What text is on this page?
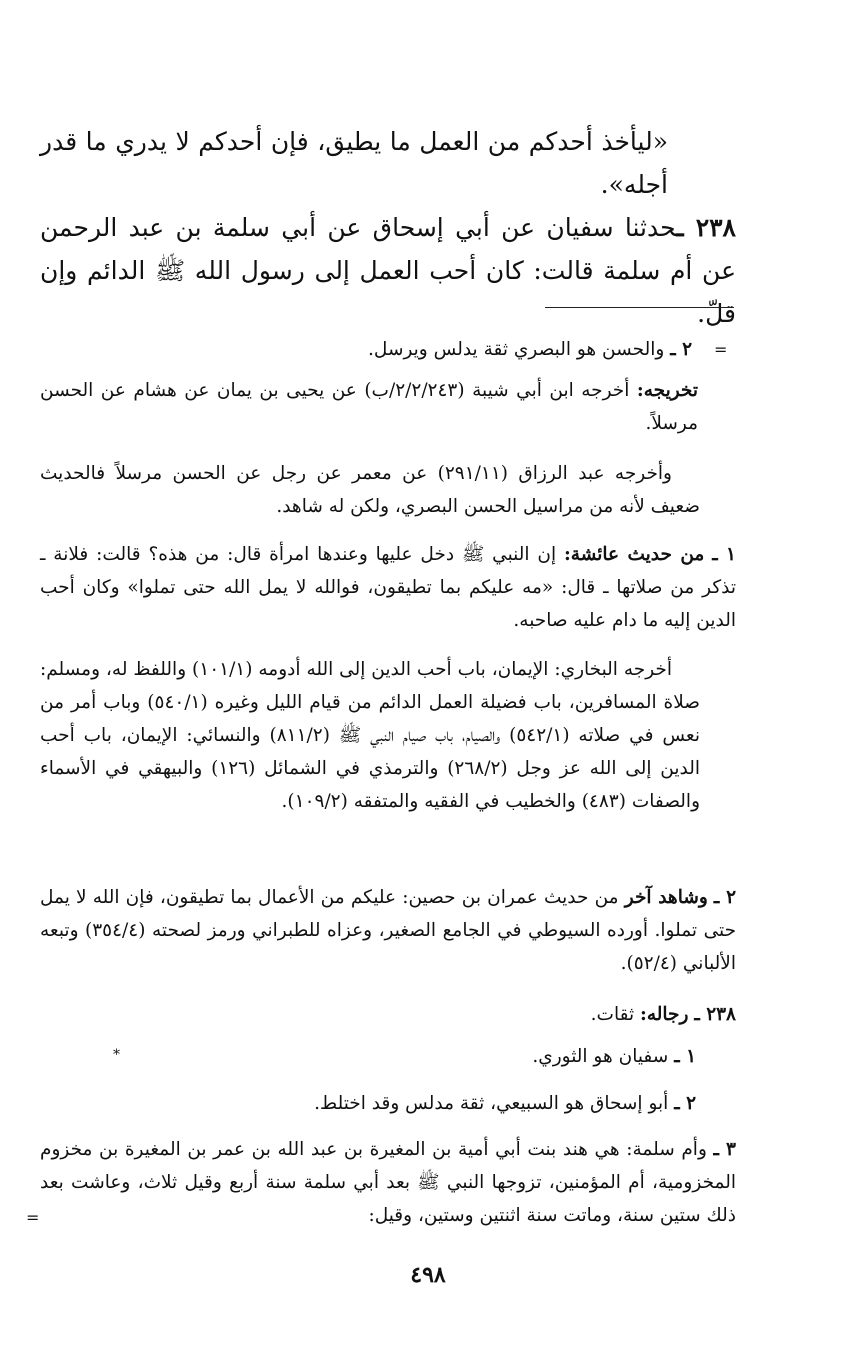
«ليأخذ أحدكم من العمل ما يطيق، فإن أحدكم لا يدري ما قدر أجله».
٢٣٨ ـحدثنا سفيان عن أبي إسحاق عن أبي سلمة بن عبد الرحمن عن أم سلمة قالت: كان أحب العمل إلى رسول الله ﷺ الدائم وإن قلّ.
=
٢ ـ والحسن هو البصري ثقة يدلس ويرسل.
تخريجه: أخرجه ابن أبي شيبة (٢/٢/٢٤٣/ب) عن يحيى بن يمان عن هشام عن الحسن مرسلاً.
وأخرجه عبد الرزاق (٢٩١/١١) عن معمر عن رجل عن الحسن مرسلاً فالحديث ضعيف لأنه من مراسيل الحسن البصري، ولكن له شاهد.
١ ـ من حديث عائشة: إن النبي ﷺ دخل عليها وعندها امرأة قال: من هذه؟ قالت: فلانة ـ تذكر من صلاتها ـ قال: «مه عليكم بما تطيقون، فوالله لا يمل الله حتى تملوا» وكان أحب الدين إليه ما دام عليه صاحبه.
أخرجه البخاري: الإيمان، باب أحب الدين إلى الله أدومه (١٠١/١) واللفظ له، ومسلم: صلاة المسافرين، باب فضيلة العمل الدائم من قيام الليل وغيره (٥٤٠/١) وباب أمر من نعس في صلاته (٥٤٢/١) والصيام، باب صيام النبي ﷺ (٨١١/٢) والنسائي: الإيمان، باب أحب الدين إلى الله عز وجل (٢٦٨/٢) والترمذي في الشمائل (١٢٦) والبيهقي في الأسماء والصفات (٤٨٣) والخطيب في الفقيه والمتفقه (١٠٩/٢).
٢ ـ وشاهد آخر من حديث عمران بن حصين: عليكم من الأعمال بما تطيقون، فإن الله لا يمل حتى تملوا. أورده السيوطي في الجامع الصغير، وعزاه للطبراني ورمز لصحته (٣٥٤/٤) وتبعه الألباني (٥٢/٤).
٢٣٨ ـ رجاله: ثقات.
*	١ ـ سفيان هو الثوري.
٢ ـ أبو إسحاق هو السبيعي، ثقة مدلس وقد اختلط.
٣ ـ وأم سلمة: هي هند بنت أبي أمية بن المغيرة بن عبد الله بن عمر بن المغيرة بن مخزوم المخزومية، أم المؤمنين، تزوجها النبي ﷺ بعد أبي سلمة سنة أربع وقيل ثلاث، وعاشت بعد ذلك ستين سنة، وماتت سنة اثنتين وستين، وقيل:
=
٤٩٨
